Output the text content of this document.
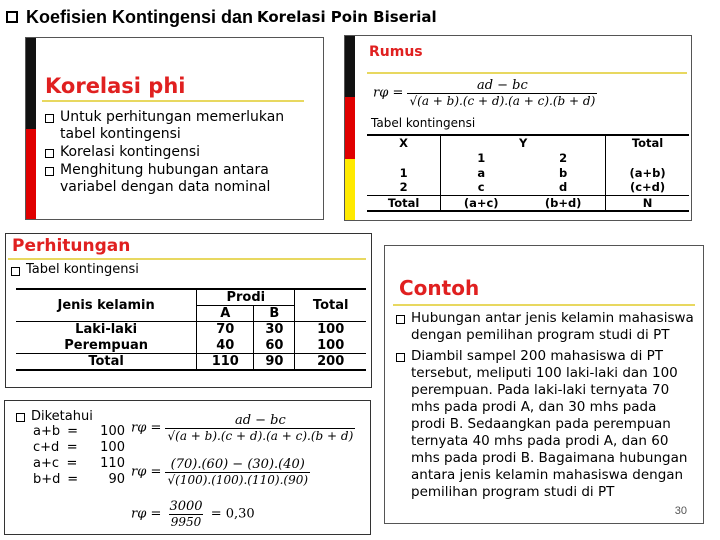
Koefisien Kontingensi dan Korelasi Poin Biserial
Korelasi phi
Untuk perhitungan memerlukan tabel kontingensi
Korelasi kontingensi
Menghitung hubungan antara variabel dengan data nominal
Rumus
$r\varphi = \frac{ad - bc}{√(a + b).(c + d).(a + c).(b + d)}$
Tabel kontingensi
X	Y		Total
	1	2	
1	a	b	(a+b)
2	c	d	(c+d)
Total	(a+c)	(b+d)	N
Perhitungan
Tabel kontingensi
Jenis kelamin	Prodi		Total
	A	B	
Laki-laki	70	30	100
Perempuan	40	60	100
Total	110	90	200
Diketahui
a+b =	100
c+d =	100
a+c =	110
b+d =	90
$r\varphi = \frac{ad - bc}{√(a + b).(c + d).(a + c).(b + d)}$
$r\varphi = \frac{(70).(60) - (30).(40)}{√(100).(100).(110).(90)}$
$r\varphi = \frac{3000}{9950} = 0,30$
Contoh
Hubungan antar jenis kelamin mahasiswa dengan pemilihan program studi di PT
Diambil sampel 200 mahasiswa di PT tersebut, meliputi 100 laki-laki dan 100 perempuan. Pada laki-laki ternyata 70 mhs pada prodi A, dan 30 mhs pada prodi B. Sedaangkan pada perempuan ternyata 40 mhs pada prodi A, dan 60 mhs pada prodi B. Bagaimana hubungan antara jenis kelamin mahasiswa dengan pemilihan program studi di PT
30
